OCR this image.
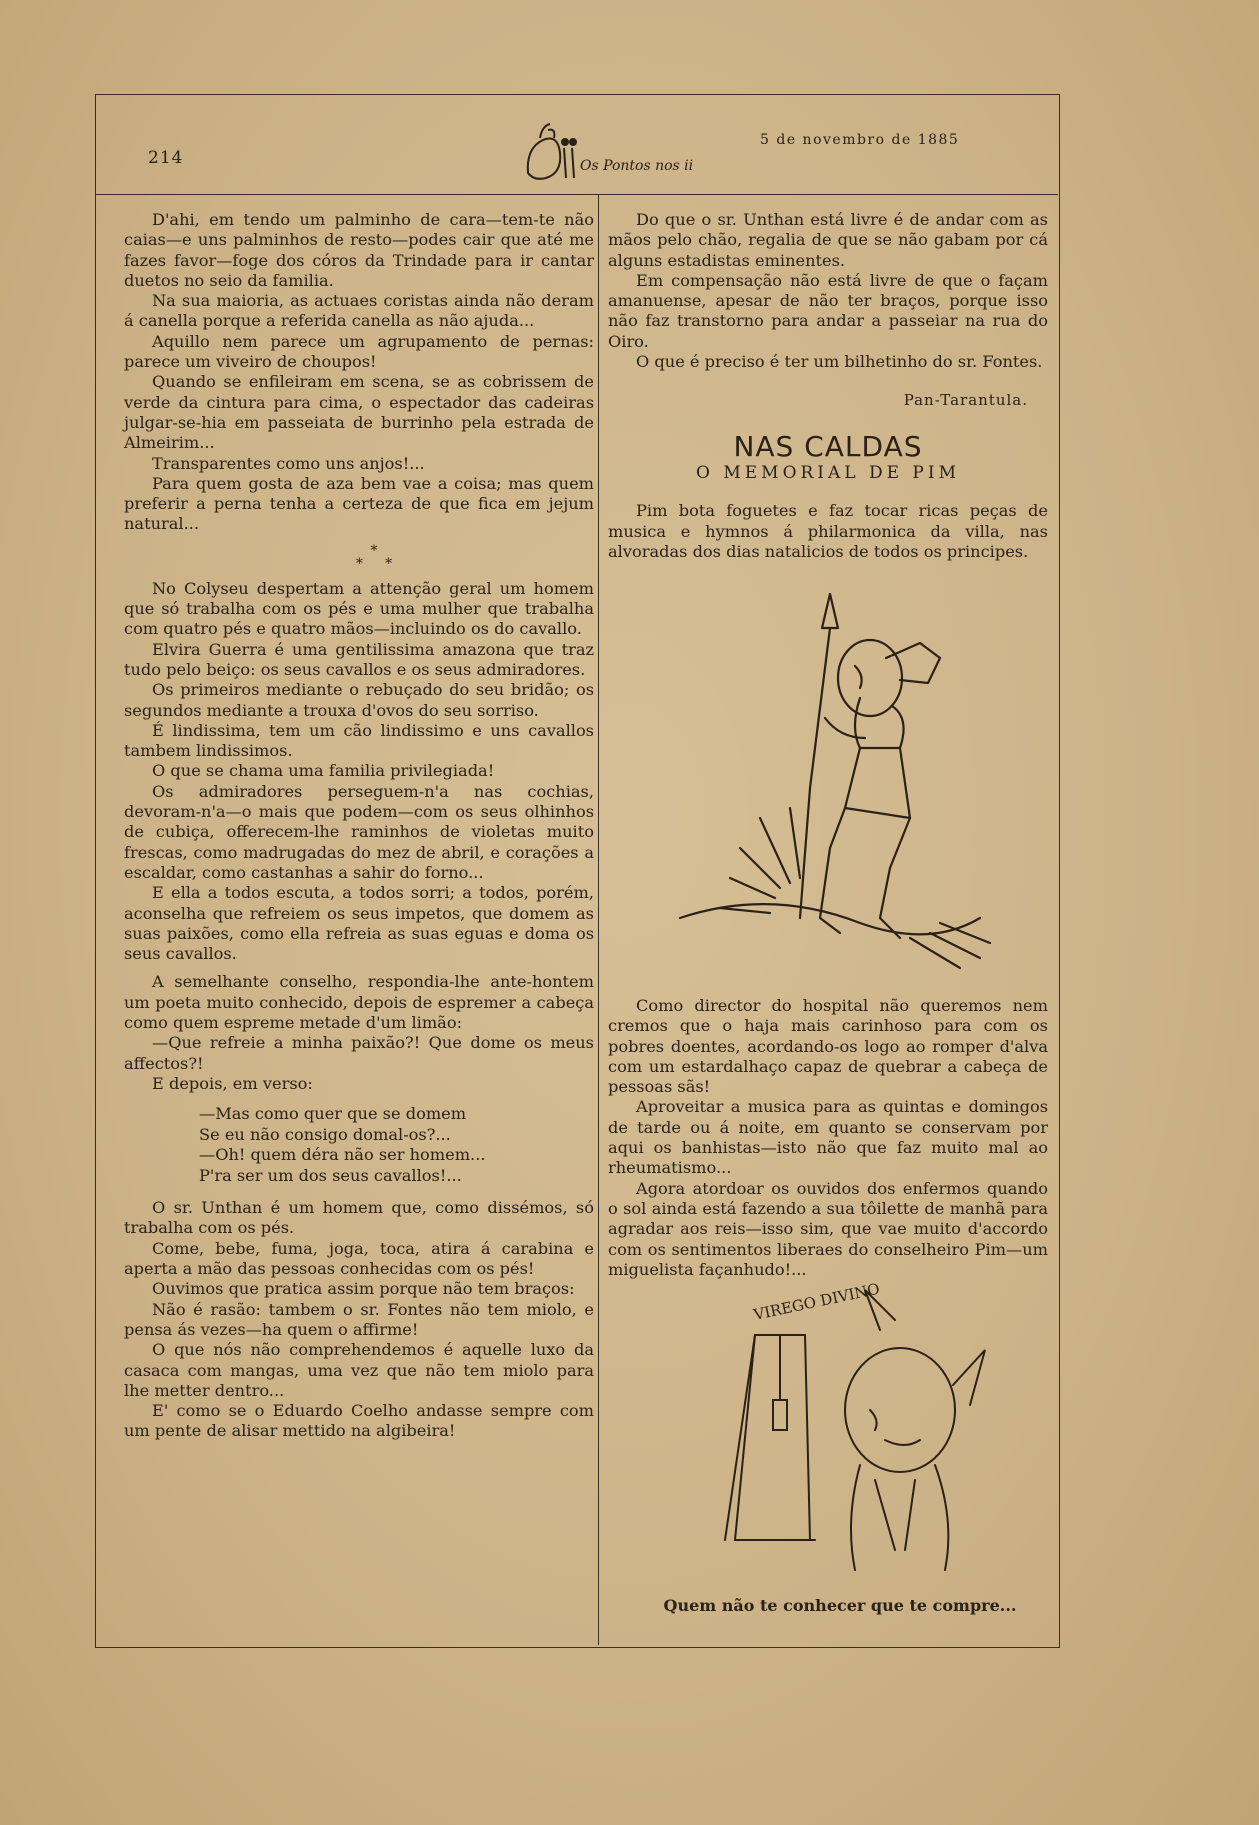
214	Os Pontos nos ii
5 de novembro de 1885

D'ahi, em tendo um palminho de cara—tem-te não caias—e uns palminhos de resto—podes cair que até me fazes favor—foge dos córos da Trindade para ir cantar duetos no seio da familia.

Na sua maioria, as actuaes coristas ainda não deram á canella porque a referida canella as não ajuda...

Aquillo nem parece um agrupamento de pernas: parece um viveiro de choupos!

Quando se enfileiram em scena, se as cobrissem de verde da cintura para cima, o espectador das cadeiras julgar-se-hia em passeiata de burrinho pela estrada de Almeirim...

Transparentes como uns anjos!...

Para quem gosta de aza bem vae a coisa; mas quem preferir a perna tenha a certeza de que fica em jejum natural...

*
*     *

No Colyseu despertam a attenção geral um homem que só trabalha com os pés e uma mulher que trabalha com quatro pés e quatro mãos—incluindo os do cavallo.

Elvira Guerra é uma gentilissima amazona que traz tudo pelo beiço: os seus cavallos e os seus admiradores.

Os primeiros mediante o rebuçado do seu bridão; os segundos mediante a trouxa d'ovos do seu sorriso.

É lindissima, tem um cão lindissimo e uns cavallos tambem lindissimos.

O que se chama uma familia privilegiada!

Os admiradores perseguem-n'a nas cochias, devoram-n'a—o mais que podem—com os seus olhinhos de cubiça, offerecem-lhe raminhos de violetas muito frescas, como madrugadas do mez de abril, e corações a escaldar, como castanhas a sahir do forno...

E ella a todos escuta, a todos sorri; a todos, porém, aconselha que refreiem os seus impetos, que domem as suas paixões, como ella refreia as suas eguas e doma os seus cavallos.

A semelhante conselho, respondia-lhe ante-hontem um poeta muito conhecido, depois de espremer a cabeça como quem espreme metade d'um limão:

—Que refreie a minha paixão?! Que dome os meus affectos?!

E depois, em verso:

—Mas como quer que se domem
Se eu não consigo domal-os?...
—Oh! quem déra não ser homem...
P'ra ser um dos seus cavallos!...

O sr. Unthan é um homem que, como dissémos, só trabalha com os pés.

Come, bebe, fuma, joga, toca, atira á carabina e aperta a mão das pessoas conhecidas com os pés!

Ouvimos que pratica assim porque não tem braços:

Não é rasão: tambem o sr. Fontes não tem miolo, e pensa ás vezes—ha quem o affirme!

O que nós não comprehendemos é aquelle luxo da casaca com mangas, uma vez que não tem miolo para lhe metter dentro...

E' como se o Eduardo Coelho andasse sempre com um pente de alisar mettido na algibeira!

Do que o sr. Unthan está livre é de andar com as mãos pelo chão, regalia de que se não gabam por cá alguns estadistas eminentes.

Em compensação não está livre de que o façam amanuense, apesar de não ter braços, porque isso não faz transtorno para andar a passeiar na rua do Oiro.

O que é preciso é ter um bilhetinho do sr. Fontes.

Pan-Tarantula.
NAS CALDAS
O MEMORIAL DE PIM

Pim bota foguetes e faz tocar ricas peças de musica e hymnos á philarmonica da villa, nas alvoradas dos dias natalicios de todos os principes.

Como director do hospital não queremos nem cremos que o haja mais carinhoso para com os pobres doentes, acordando-os logo ao romper d'alva com um estardalhaço capaz de quebrar a cabeça de pessoas sãs!

Aproveitar a musica para as quintas e domingos de tarde ou á noite, em quanto se conservam por aqui os banhistas—isto não que faz muito mal ao rheumatismo...

Agora atordoar os ouvidos dos enfermos quando o sol ainda está fazendo a sua tôilette de manhã para agradar aos reis—isso sim, que vae muito d'accordo com os sentimentos liberaes do conselheiro Pim—um miguelista façanhudo!...

VIREGO DIVINO
Quem não te conhecer que te compre...
